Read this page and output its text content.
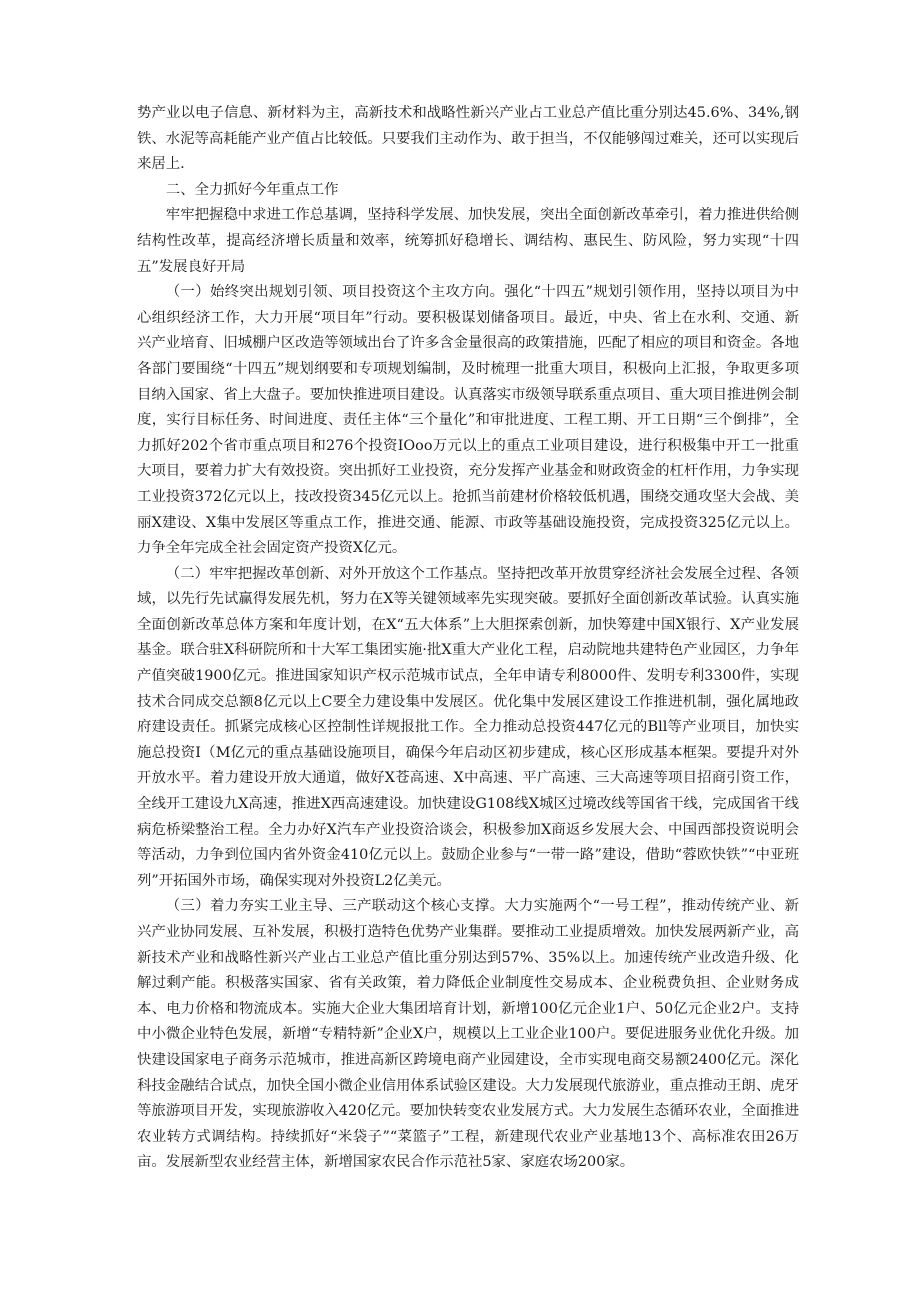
势产业以电子信息、新材料为主，高新技术和战略性新兴产业占工业总产值比重分别达45.6%、34%,钢铁、水泥等高耗能产业产值占比较低。只要我们主动作为、敢于担当，不仅能够闯过难关，还可以实现后来居上.

二、全力抓好今年重点工作

牢牢把握稳中求进工作总基调，坚持科学发展、加快发展，突出全面创新改革牵引，着力推进供给侧结构性改革，提高经济增长质量和效率，统筹抓好稳增长、调结构、惠民生、防风险，努力实现“十四五”发展良好开局

（一）始终突出规划引领、项目投资这个主攻方向。强化“十四五”规划引领作用，坚持以项目为中心组织经济工作，大力开展“项目年”行动。要积极谋划储备项目。最近，中央、省上在水利、交通、新兴产业培育、旧城棚户区改造等领域出台了许多含金量很高的政策措施，匹配了相应的项目和资金。各地各部门要围绕“十四五”规划纲要和专项规划编制，及时梳理一批重大项目，积极向上汇报，争取更多项目纳入国家、省上大盘子。要加快推进项目建设。认真落实市级领导联系重点项目、重大项目推进例会制度，实行目标任务、时间进度、责任主体“三个量化”和审批进度、工程工期、开工日期“三个倒排”，全力抓好202个省市重点项目和276个投资IOoo万元以上的重点工业项目建设，进行积极集中开工一批重大项目，要着力扩大有效投资。突出抓好工业投资，充分发挥产业基金和财政资金的杠杆作用，力争实现工业投资372亿元以上，技改投资345亿元以上。抢抓当前建材价格较低机遇，围绕交通攻坚大会战、美丽X建设、X集中发展区等重点工作，推进交通、能源、市政等基础设施投资，完成投资325亿元以上。力争全年完成全社会固定资产投资X亿元。

（二）牢牢把握改革创新、对外开放这个工作基点。坚持把改革开放贯穿经济社会发展全过程、各领域，以先行先试赢得发展先机，努力在X等关键领域率先实现突破。要抓好全面创新改革试验。认真实施全面创新改革总体方案和年度计划，在X“五大体系”上大胆探索创新，加快筹建中国X银行、X产业发展基金。联合驻X科研院所和十大军工集团实施·批X重大产业化工程，启动院地共建特色产业园区，力争年产值突破1900亿元。推进国家知识产权示范城市试点，全年申请专利8000件、发明专利3300件，实现技术合同成交总额8亿元以上C要全力建设集中发展区。优化集中发展区建设工作推进机制，强化属地政府建设责任。抓紧完成核心区控制性详规报批工作。全力推动总投资447亿元的Bll等产业项目，加快实施总投资I（M亿元的重点基础设施项目，确保今年启动区初步建成，核心区形成基本框架。要提升对外开放水平。着力建设开放大通道，做好X苍高速、X中高速、平广高速、三大高速等项目招商引资工作，全线开工建设九X高速，推进X西高速建设。加快建设G108线X城区过境改线等国省干线，完成国省干线病危桥梁整治工程。全力办好X汽车产业投资洽谈会，积极参加X商返乡发展大会、中国西部投资说明会等活动，力争到位国内省外资金410亿元以上。鼓励企业参与“一带一路”建设，借助“蓉欧快铁”“中亚班列”开拓国外市场，确保实现对外投资L2亿美元。

（三）着力夯实工业主导、三产联动这个核心支撑。大力实施两个“一号工程”，推动传统产业、新兴产业协同发展、互补发展，积极打造特色优势产业集群。要推动工业提质增效。加快发展两新产业，高新技术产业和战略性新兴产业占工业总产值比重分别达到57%、35%以上。加速传统产业改造升级、化解过剩产能。积极落实国家、省有关政策，着力降低企业制度性交易成本、企业税费负担、企业财务成本、电力价格和物流成本。实施大企业大集团培育计划，新增100亿元企业1户、50亿元企业2户。支持中小微企业特色发展，新增“专精特新”企业X户，规模以上工业企业100户。要促进服务业优化升级。加快建设国家电子商务示范城市，推进高新区跨境电商产业园建设，全市实现电商交易额2400亿元。深化科技金融结合试点，加快全国小微企业信用体系试验区建设。大力发展现代旅游业，重点推动王朗、虎牙等旅游项目开发，实现旅游收入420亿元。要加快转变农业发展方式。大力发展生态循环农业，全面推进农业转方式调结构。持续抓好“米袋子”“菜篮子”工程，新建现代农业产业基地13个、高标准农田26万亩。发展新型农业经营主体，新增国家农民合作示范社5家、家庭农场200家。
